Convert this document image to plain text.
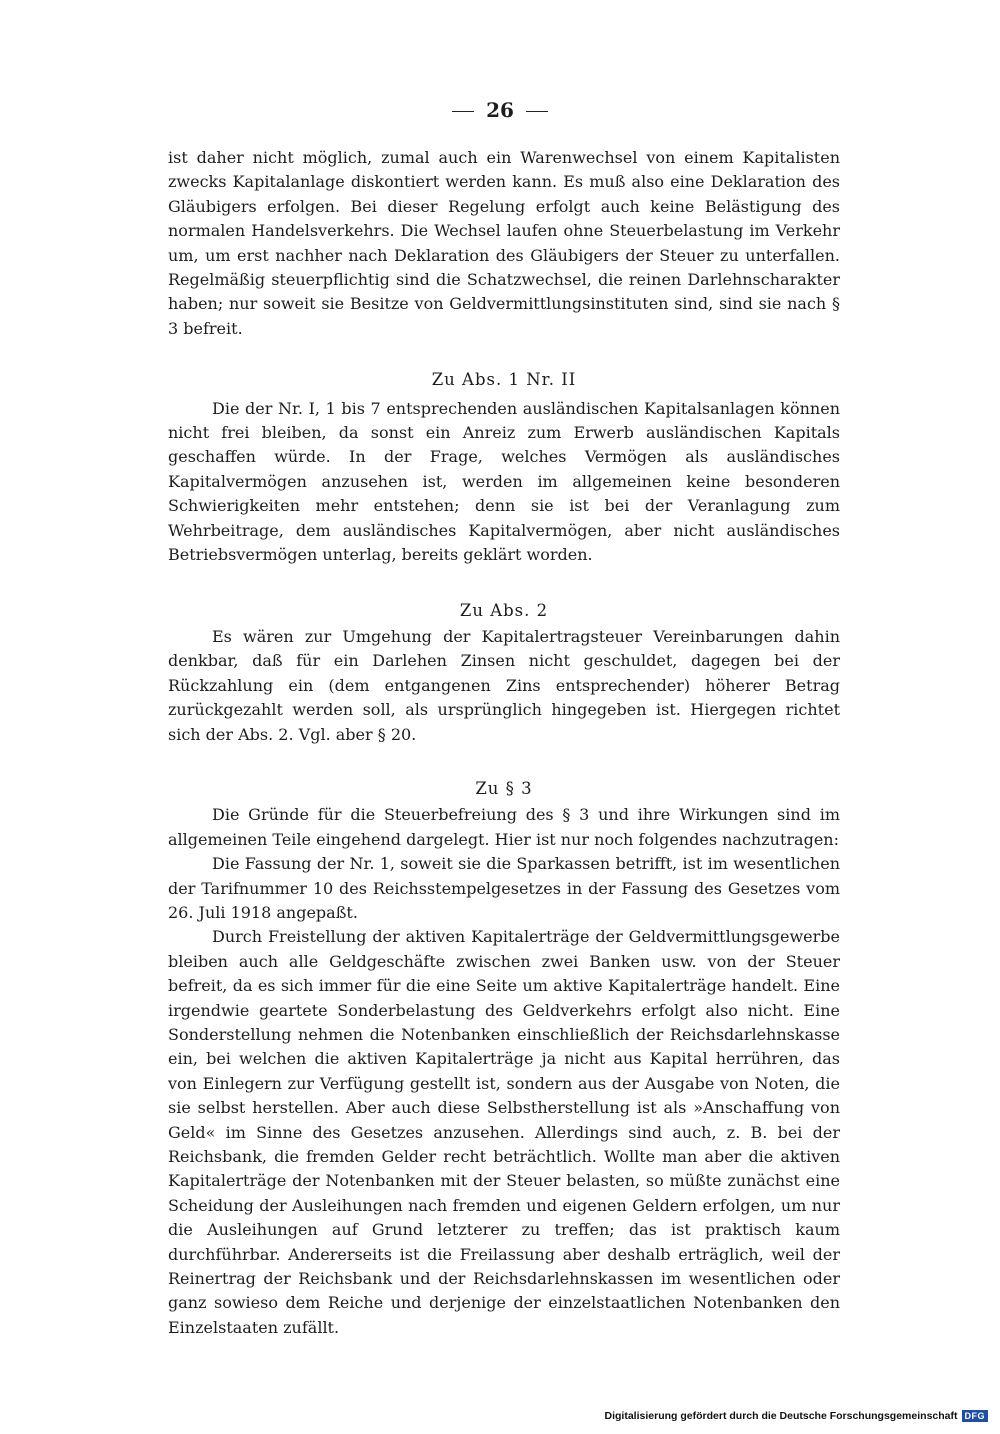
26

ist daher nicht möglich, zumal auch ein Warenwechsel von einem Kapitalisten zwecks Kapitalanlage diskontiert werden kann. Es muß also eine Deklaration des Gläubigers erfolgen. Bei dieser Regelung erfolgt auch keine Belästigung des normalen Handelsverkehrs. Die Wechsel laufen ohne Steuerbelastung im Verkehr um, um erst nachher nach Deklaration des Gläubigers der Steuer zu unterfallen. Regelmäßig steuerpflichtig sind die Schatzwechsel, die reinen Darlehnscharakter haben; nur soweit sie Besitze von Geldvermittlungsinstituten sind, sind sie nach § 3 befreit.

Zu Abs. 1 Nr. II

Die der Nr. I, 1 bis 7 entsprechenden ausländischen Kapitalsanlagen können nicht frei bleiben, da sonst ein Anreiz zum Erwerb ausländischen Kapitals geschaffen würde. In der Frage, welches Vermögen als ausländisches Kapitalvermögen anzusehen ist, werden im allgemeinen keine besonderen Schwierigkeiten mehr entstehen; denn sie ist bei der Veranlagung zum Wehrbeitrage, dem ausländisches Kapitalvermögen, aber nicht ausländisches Betriebsvermögen unterlag, bereits geklärt worden.

Zu Abs. 2

Es wären zur Umgehung der Kapitalertragsteuer Vereinbarungen dahin denkbar, daß für ein Darlehen Zinsen nicht geschuldet, dagegen bei der Rückzahlung ein (dem entgangenen Zins entsprechender) höherer Betrag zurückgezahlt werden soll, als ursprünglich hingegeben ist. Hiergegen richtet sich der Abs. 2. Vgl. aber § 20.

Zu § 3

Die Gründe für die Steuerbefreiung des § 3 und ihre Wirkungen sind im allgemeinen Teile eingehend dargelegt. Hier ist nur noch folgendes nachzutragen:

Die Fassung der Nr. 1, soweit sie die Sparkassen betrifft, ist im wesentlichen der Tarifnummer 10 des Reichsstempelgesetzes in der Fassung des Gesetzes vom 26. Juli 1918 angepaßt.

Durch Freistellung der aktiven Kapitalerträge der Geldvermittlungsgewerbe bleiben auch alle Geldgeschäfte zwischen zwei Banken usw. von der Steuer befreit, da es sich immer für die eine Seite um aktive Kapitalerträge handelt. Eine irgendwie geartete Sonderbelastung des Geldverkehrs erfolgt also nicht. Eine Sonderstellung nehmen die Notenbanken einschließlich der Reichsdarlehnskasse ein, bei welchen die aktiven Kapitalerträge ja nicht aus Kapital herrühren, das von Einlegern zur Verfügung gestellt ist, sondern aus der Ausgabe von Noten, die sie selbst herstellen. Aber auch diese Selbstherstellung ist als »Anschaffung von Geld« im Sinne des Gesetzes anzusehen. Allerdings sind auch, z. B. bei der Reichsbank, die fremden Gelder recht beträchtlich. Wollte man aber die aktiven Kapitalerträge der Notenbanken mit der Steuer belasten, so müßte zunächst eine Scheidung der Ausleihungen nach fremden und eigenen Geldern erfolgen, um nur die Ausleihungen auf Grund letzterer zu treffen; das ist praktisch kaum durchführbar. Andererseits ist die Freilassung aber deshalb erträglich, weil der Reinertrag der Reichsbank und der Reichsdarlehnskassen im wesentlichen oder ganz sowieso dem Reiche und derjenige der einzelstaatlichen Notenbanken den Einzelstaaten zufällt.

Digitalisierung gefördert durch die Deutsche Forschungsgemeinschaft DFG
